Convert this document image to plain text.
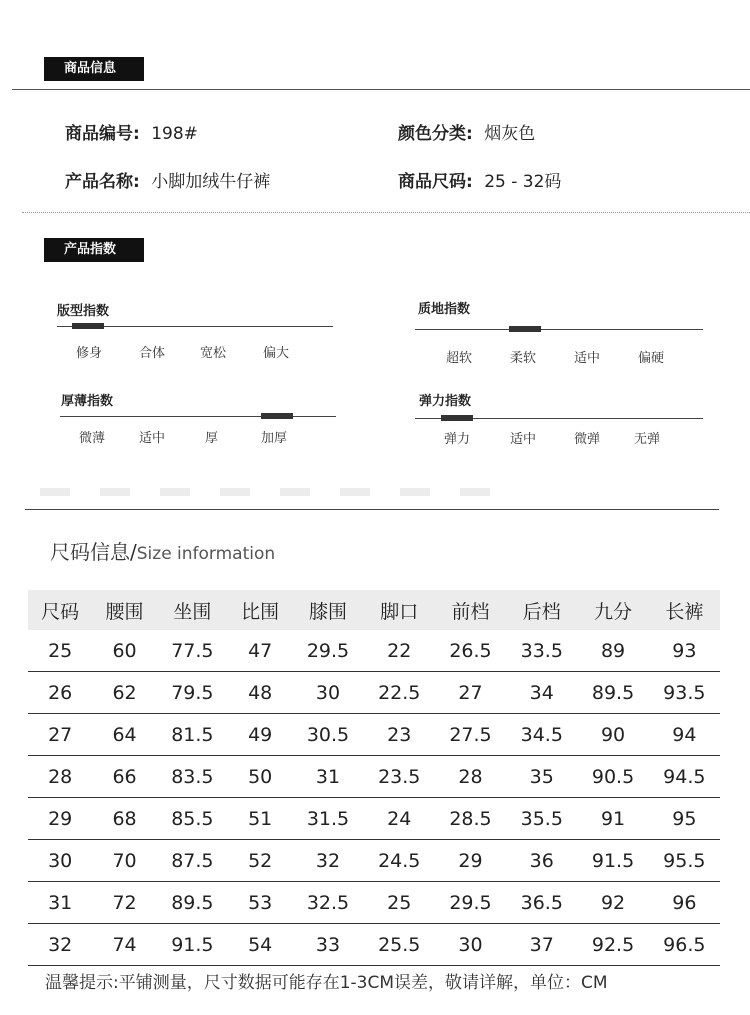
商品信息
商品编号: 198#	颜色分类: 烟灰色
产品名称: 小脚加绒牛仔裤	商品尺码: 25 - 32码
产品指数
版型指数
修身	合体	宽松	偏大
质地指数
超软	柔软	适中	偏硬
厚薄指数
微薄	适中	厚	加厚
弹力指数
弹力	适中	微弹	无弹
尺码信息/Size information
尺码	腰围	坐围	比围	膝围	脚口	前档	后档	九分	长裤
25	60	77.5	47	29.5	22	26.5	33.5	89	93
26	62	79.5	48	30	22.5	27	34	89.5	93.5
27	64	81.5	49	30.5	23	27.5	34.5	90	94
28	66	83.5	50	31	23.5	28	35	90.5	94.5
29	68	85.5	51	31.5	24	28.5	35.5	91	95
30	70	87.5	52	32	24.5	29	36	91.5	95.5
31	72	89.5	53	32.5	25	29.5	36.5	92	96
32	74	91.5	54	33	25.5	30	37	92.5	96.5
温馨提示:平铺测量，尺寸数据可能存在1-3CM误差，敬请详解，单位：CM
